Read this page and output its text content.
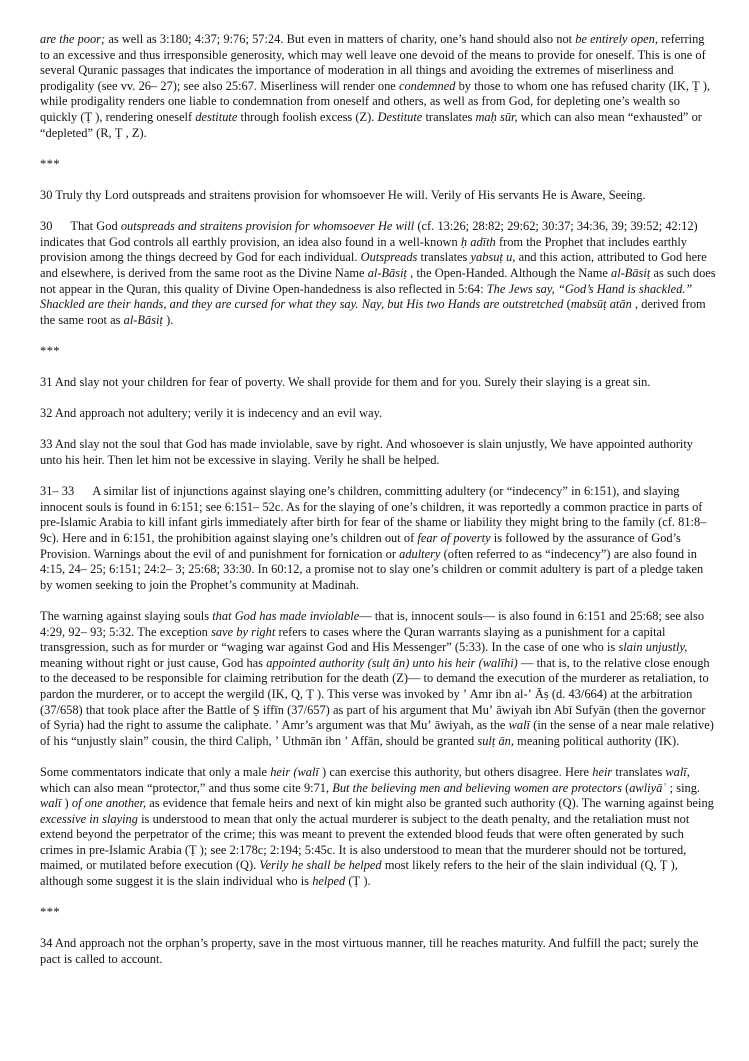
are the poor; as well as 3:180; 4:37; 9:76; 57:24. But even in matters of charity, one’s hand should also not be entirely open, referring to an excessive and thus irresponsible generosity, which may well leave one devoid of the means to provide for oneself. This is one of several Quranic passages that indicates the importance of moderation in all things and avoiding the extremes of miserliness and prodigality (see vv. 26– 27); see also 25:67. Miserliness will render one condemned by those to whom one has refused charity (IK, Ṭ ), while prodigality renders one liable to condemnation from oneself and others, as well as from God, for depleting one’s wealth so quickly (Ṭ ), rendering oneself destitute through foolish excess (Z). Destitute translates maḥ sūr, which can also mean “exhausted” or “depleted” (R, Ṭ , Z).

***

30 Truly thy Lord outspreads and straitens provision for whomsoever He will. Verily of His servants He is Aware, Seeing.

30 That God outspreads and straitens provision for whomsoever He will (cf. 13:26; 28:82; 29:62; 30:37; 34:36, 39; 39:52; 42:12) indicates that God controls all earthly provision, an idea also found in a well-known ḥ adīth from the Prophet that includes earthly provision among the things decreed by God for each individual. Outspreads translates yabsuṭ u, and this action, attributed to God here and elsewhere, is derived from the same root as the Divine Name al-Bāsiṭ , the Open-Handed. Although the Name al-Bāsiṭ as such does not appear in the Quran, this quality of Divine Open-handedness is also reflected in 5:64: The Jews say, “God’s Hand is shackled.” Shackled are their hands, and they are cursed for what they say. Nay, but His two Hands are outstretched (mabsūṭ atān , derived from the same root as al-Bāsiṭ ).

***

31 And slay not your children for fear of poverty. We shall provide for them and for you. Surely their slaying is a great sin.

32 And approach not adultery; verily it is indecency and an evil way.

33 And slay not the soul that God has made inviolable, save by right. And whosoever is slain unjustly, We have appointed authority unto his heir. Then let him not be excessive in slaying. Verily he shall be helped.

31– 33 A similar list of injunctions against slaying one’s children, committing adultery (or “indecency” in 6:151), and slaying innocent souls is found in 6:151; see 6:151– 52c. As for the slaying of one’s children, it was reportedly a common practice in parts of pre-Islamic Arabia to kill infant girls immediately after birth for fear of the shame or liability they might bring to the family (cf. 81:8– 9c). Here and in 6:151, the prohibition against slaying one’s children out of fear of poverty is followed by the assurance of God’s Provision. Warnings about the evil of and punishment for fornication or adultery (often referred to as “indecency”) are also found in 4:15, 24– 25; 6:151; 24:2– 3; 25:68; 33:30. In 60:12, a promise not to slay one’s children or commit adultery is part of a pledge taken by women seeking to join the Prophet’s community at Madinah.

The warning against slaying souls that God has made inviolable— that is, innocent souls— is also found in 6:151 and 25:68; see also 4:29, 92– 93; 5:32. The exception save by right refers to cases where the Quran warrants slaying as a punishment for a capital transgression, such as for murder or “waging war against God and His Messenger” (5:33). In the case of one who is slain unjustly, meaning without right or just cause, God has appointed authority (sulṭ ān) unto his heir (walīhi) — that is, to the relative close enough to the deceased to be responsible for claiming retribution for the death (Z)— to demand the execution of the murderer as retaliation, to pardon the murderer, or to accept the wergild (IK, Q, Ṭ ). This verse was invoked by ʼ Amr ibn al-ʼ Āṣ (d. 43/664) at the arbitration (37/658) that took place after the Battle of Ṣ iffīn (37/657) as part of his argument that Muʼ āwiyah ibn Abī Sufyān (then the governor of Syria) had the right to assume the caliphate. ʼ Amr’s argument was that Muʼ āwiyah, as the walī (in the sense of a near male relative) of his “unjustly slain” cousin, the third Caliph, ʼ Uthmān ibn ʼ Affān, should be granted sulṭ ān, meaning political authority (IK).

Some commentators indicate that only a male heir (walī ) can exercise this authority, but others disagree. Here heir translates walī, which can also mean “protector,” and thus some cite 9:71, But the believing men and believing women are protectors (awliyāʾ ; sing. walī ) of one another, as evidence that female heirs and next of kin might also be granted such authority (Q). The warning against being excessive in slaying is understood to mean that only the actual murderer is subject to the death penalty, and the retaliation must not extend beyond the perpetrator of the crime; this was meant to prevent the extended blood feuds that were often generated by such crimes in pre-Islamic Arabia (Ṭ ); see 2:178c; 2:194; 5:45c. It is also understood to mean that the murderer should not be tortured, maimed, or mutilated before execution (Q). Verily he shall be helped most likely refers to the heir of the slain individual (Q, Ṭ ), although some suggest it is the slain individual who is helped (Ṭ ).

***

34 And approach not the orphan’s property, save in the most virtuous manner, till he reaches maturity. And fulfill the pact; surely the pact is called to account.
